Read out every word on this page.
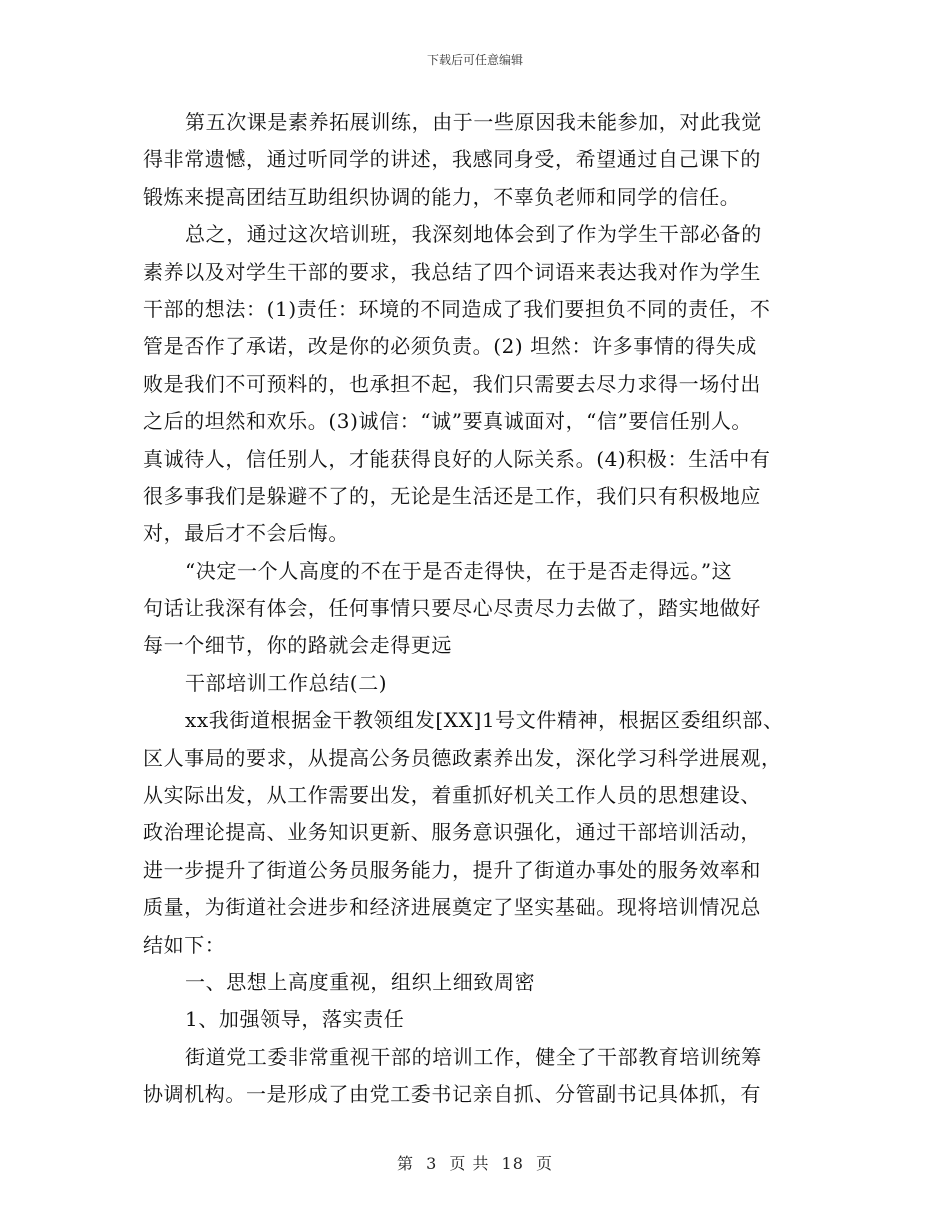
下载后可任意编辑
第五次课是素养拓展训练，由于一些原因我未能参加，对此我觉
得非常遗憾，通过听同学的讲述，我感同身受，希望通过自己课下的
锻炼来提高团结互助组织协调的能力，不辜负老师和同学的信任。
总之，通过这次培训班，我深刻地体会到了作为学生干部必备的
素养以及对学生干部的要求，我总结了四个词语来表达我对作为学生
干部的想法：(1)责任：环境的不同造成了我们要担负不同的责任，不
管是否作了承诺，改是你的必须负责。(2) 坦然：许多事情的得失成
败是我们不可预料的，也承担不起，我们只需要去尽力求得一场付出
之后的坦然和欢乐。(3)诚信：“诚”要真诚面对，“信”要信任别人。
真诚待人，信任别人，才能获得良好的人际关系。(4)积极：生活中有
很多事我们是躲避不了的，无论是生活还是工作，我们只有积极地应
对，最后才不会后悔。
“决定一个人高度的不在于是否走得快，在于是否走得远。”这
句话让我深有体会，任何事情只要尽心尽责尽力去做了，踏实地做好
每一个细节，你的路就会走得更远
干部培训工作总结(二)
xx我街道根据金干教领组发[XX]1号文件精神，根据区委组织部、
区人事局的要求，从提高公务员德政素养出发，深化学习科学进展观，
从实际出发，从工作需要出发，着重抓好机关工作人员的思想建设、
政治理论提高、业务知识更新、服务意识强化，通过干部培训活动，
进一步提升了街道公务员服务能力，提升了街道办事处的服务效率和
质量，为街道社会进步和经济进展奠定了坚实基础。现将培训情况总
结如下：
一、思想上高度重视，组织上细致周密
1、加强领导，落实责任
街道党工委非常重视干部的培训工作，健全了干部教育培训统筹
协调机构。一是形成了由党工委书记亲自抓、分管副书记具体抓，有
第 3 页 共 18 页
